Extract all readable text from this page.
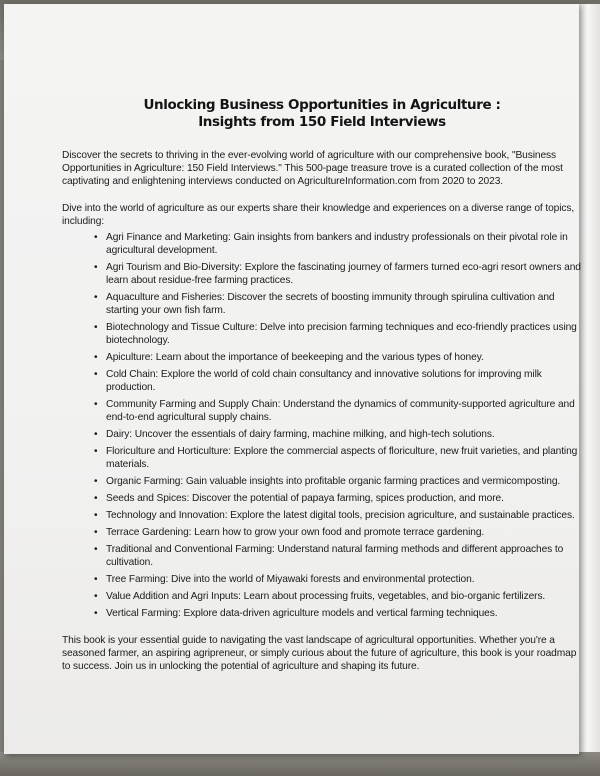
Unlocking Business Opportunities in Agriculture :
Insights from 150 Field Interviews

Discover the secrets to thriving in the ever-evolving world of agriculture with our comprehensive book, "Business Opportunities in Agriculture: 150 Field Interviews." This 500-page treasure trove is a curated collection of the most captivating and enlightening interviews conducted on AgricultureInformation.com from 2020 to 2023.

Dive into the world of agriculture as our experts share their knowledge and experiences on a diverse range of topics, including:

• Agri Finance and Marketing: Gain insights from bankers and industry professionals on their pivotal role in agricultural development.
• Agri Tourism and Bio-Diversity: Explore the fascinating journey of farmers turned eco-agri resort owners and learn about residue-free farming practices.
• Aquaculture and Fisheries: Discover the secrets of boosting immunity through spirulina cultivation and starting your own fish farm.
• Biotechnology and Tissue Culture: Delve into precision farming techniques and eco-friendly practices using biotechnology.
• Apiculture: Learn about the importance of beekeeping and the various types of honey.
• Cold Chain: Explore the world of cold chain consultancy and innovative solutions for improving milk production.
• Community Farming and Supply Chain: Understand the dynamics of community-supported agriculture and end-to-end agricultural supply chains.
• Dairy: Uncover the essentials of dairy farming, machine milking, and high-tech solutions.
• Floriculture and Horticulture: Explore the commercial aspects of floriculture, new fruit varieties, and planting materials.
• Organic Farming: Gain valuable insights into profitable organic farming practices and vermicomposting.
• Seeds and Spices: Discover the potential of papaya farming, spices production, and more.
• Technology and Innovation: Explore the latest digital tools, precision agriculture, and sustainable practices.
• Terrace Gardening: Learn how to grow your own food and promote terrace gardening.
• Traditional and Conventional Farming: Understand natural farming methods and different approaches to cultivation.
• Tree Farming: Dive into the world of Miyawaki forests and environmental protection.
• Value Addition and Agri Inputs: Learn about processing fruits, vegetables, and bio-organic fertilizers.
• Vertical Farming: Explore data-driven agriculture models and vertical farming techniques.

This book is your essential guide to navigating the vast landscape of agricultural opportunities. Whether you're a seasoned farmer, an aspiring agripreneur, or simply curious about the future of agriculture, this book is your roadmap to success. Join us in unlocking the potential of agriculture and shaping its future.
